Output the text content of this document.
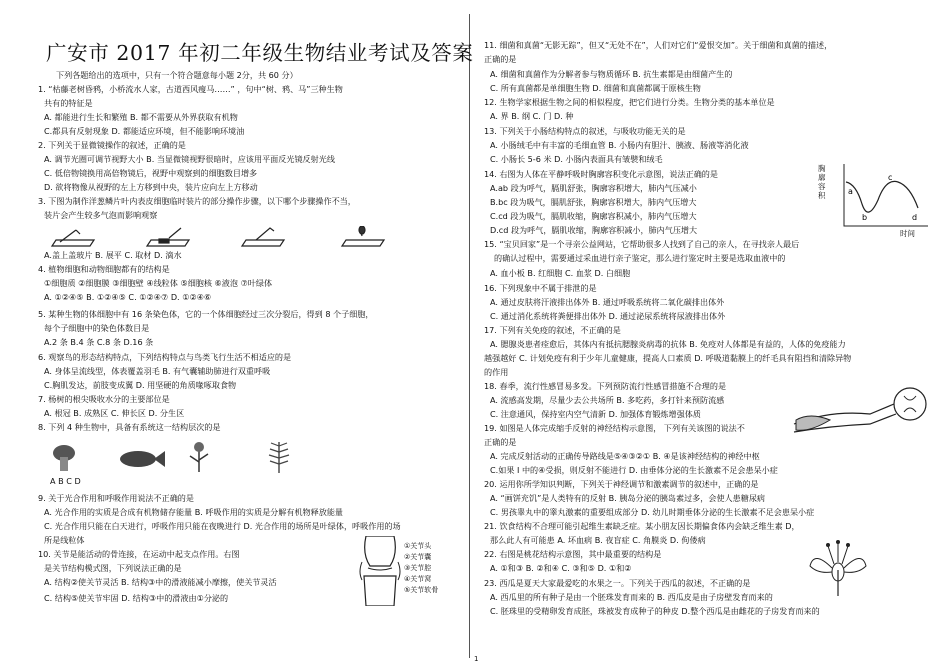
广安市 2017 年初二年级生物结业考试及答案
下列各题给出的选项中，只有一个符合题意每小题 2分，共 60 分）
1. “枯藤老树昏鸦，小桥流水人家，古道西风瘦马……” ，句中“树、鸦、马”三种生物
共有的特征是
A. 都能进行生长和繁殖 B. 都不需要从外界获取有机物
C.都具有反射现象 D. 都能适应环境，但不能影响环境油
2. 下列关于显微镜操作的叙述，正确的是
A. 调节光圈可调节视野大小 B. 当显微镜视野很暗时，应该用平面反光镜反射光线
C. 低倍物镜换用高倍物镜后，视野中观察到的细胞数目增多
D. 欲将物像从视野的左上方移到中央，装片应向左上方移动
3. 下图为制作洋葱鳞片叶内表皮细胞临时装片的部分操作步骤，以下哪个步骤操作不当，
装片会产生较多气泡而影响观察
A.盖上盖玻片 B. 展平 C. 取材 D. 滴水
4. 植物细胞和动物细胞都有的结构是
①细胞质 ②细胞膜 ③细胞壁 ④线粒体 ⑤细胞核 ⑥液泡 ⑦叶绿体
A. ①②④⑤ B. ①②④⑤ C. ①②④⑦ D. ①②④⑥
5. 某种生物的体细胞中有 16 条染色体，它的一个体细胞经过三次分裂后，得到 8 个子细胞，
每个子细胞中的染色体数目是
A.2 条 B.4 条 C.8 条 D.16 条
6. 观察鸟的形态结构特点，下列结构特点与鸟类飞行生活不相适应的是
A. 身体呈流线型，体表覆盖羽毛 B. 有气囊辅助肺进行双重呼吸
C.胸肌发达，前肢变成翼 D. 用坚硬的角质喙啄取食物
7. 杨树的根尖吸收水分的主要部位是
A. 根冠 B. 成熟区 C. 伸长区 D. 分生区
8. 下列 4 种生物中，具备有系统这一结构层次的是
A B C D
9. 关于光合作用和呼吸作用说法不正确的是
A. 光合作用的实质是合成有机物储存能量 B. 呼吸作用的实质是分解有机物释放能量
C. 光合作用只能在白天进行，呼吸作用只能在夜晚进行 D. 光合作用的场所是叶绿体，呼吸作用的场
所是线粒体
10. 关节是能活动的骨连接，在运动中起支点作用。右图
是关节结构模式图，下列说法正确的是
A. 结构②使关节灵活 B. 结构③中的滑液能减小摩擦，使关节灵活
C. 结构⑤使关节牢固 D. 结构③中的滑液由①分泌的
11. 细菌和真菌“无影无踪”，但又“无处不在”，人们对它们“爱恨交加”。关于细菌和真菌的描述，
正确的是
A. 细菌和真菌作为分解者参与物质循环 B. 抗生素都是由细菌产生的
C. 所有真菌都是单细胞生物 D. 细菌和真菌都属于原核生物
12. 生物学家根据生物之间的相似程度，把它们进行分类。生物分类的基本单位是
A. 界 B. 纲 C. 门 D. 种
13. 下列关于小肠结构特点的叙述，与吸收功能无关的是
A. 小肠绒毛中有丰富的毛细血管 B. 小肠内有胆汁、胰液、肠液等消化液
C. 小肠长 5-6 米 D. 小肠内表面具有皱襞和绒毛
14. 右图为人体在平静呼吸时胸廓容积变化示意图，说法正确的是
A.ab 段为呼气，膈肌舒张，胸廓容积增大，肺内气压减小
B.bc 段为吸气，膈肌舒张，胸廓容积增大，肺内气压增大
C.cd 段为吸气，膈肌收缩，胸廓容积减小，肺内气压增大
D.cd 段为呼气，膈肌收缩，胸廓容积减小，肺内气压增大
15. “宝贝回家”是一个寻亲公益网站，它帮助很多人找到了自己的亲人，在寻找亲人最后
的确认过程中，需要通过采血进行亲子鉴定，那么进行鉴定时主要是选取血液中的
A. 血小板 B. 红细胞 C. 血浆 D. 白细胞
16. 下列现象中不属于排泄的是
A. 通过皮肤将汗液排出体外 B. 通过呼吸系统将二氧化碳排出体外
C. 通过消化系统将粪便排出体外 D. 通过泌尿系统将尿液排出体外
17. 下列有关免疫的叙述，不正确的是
A. 腮腺炎患者痊愈后，其体内有抵抗腮腺炎病毒的抗体 B. 免疫对人体都是有益的，人体的免疫能力
越强越好 C. 计划免疫有利于少年儿童健康，提高人口素质 D. 呼吸道黏膜上的纤毛具有阻挡和清除异物
的作用
18. 春季，流行性感冒易多发。下列预防流行性感冒措施不合理的是
A. 流感高发期，尽量少去公共场所 B. 多吃药，多打针来预防流感
C. 注意通风，保持室内空气清新 D. 加强体育锻炼增强体质
19. 如图是人体完成缩手反射的神经结构示意图， 下列有关该图的说法不
正确的是
A. 完成反射活动的正确传导路线是⑤④③②① B. ④是该神经结构的神经中枢
C.如果 I 中的④受损，则反射不能进行 D. 由垂体分泌的生长激素不足会患呆小症
20. 运用你所学知识判断，下列关于神经调节和激素调节的叙述中，正确的是
A. “画饼充饥”是人类特有的反射 B. 胰岛分泌的胰岛素过多，会使人患糖尿病
C. 男孩睾丸中的睾丸激素的重要组成部分 D. 幼儿时期垂体分泌的生长激素不足会患呆小症
21. 饮食结构不合理可能引起维生素缺乏症。某小朋友因长期偏食体内会缺乏维生素 D，
那么此人有可能患 A. 坏血病 B. 夜盲症 C. 角膜炎 D. 佝偻病
22. 右图是桃花结构示意图，其中最重要的结构是
A. ①和③ B. ②和④ C. ③和⑤ D. ①和②
23. 西瓜是夏天大家最爱吃的水果之一。下列关于西瓜的叙述，不正确的是
A. 西瓜里的所有种子是由一个胚珠发育而来的 B. 西瓜皮是由子房壁发育而来的
C. 胚珠里的受精卵发育成胚，珠被发育成种子的种皮 D.整个西瓜是由雌花的子房发育而来的
①关节头
②关节囊
③关节腔
④关节窝
⑤关节软骨
a
b
c
d
胸廓容积
时间
1
